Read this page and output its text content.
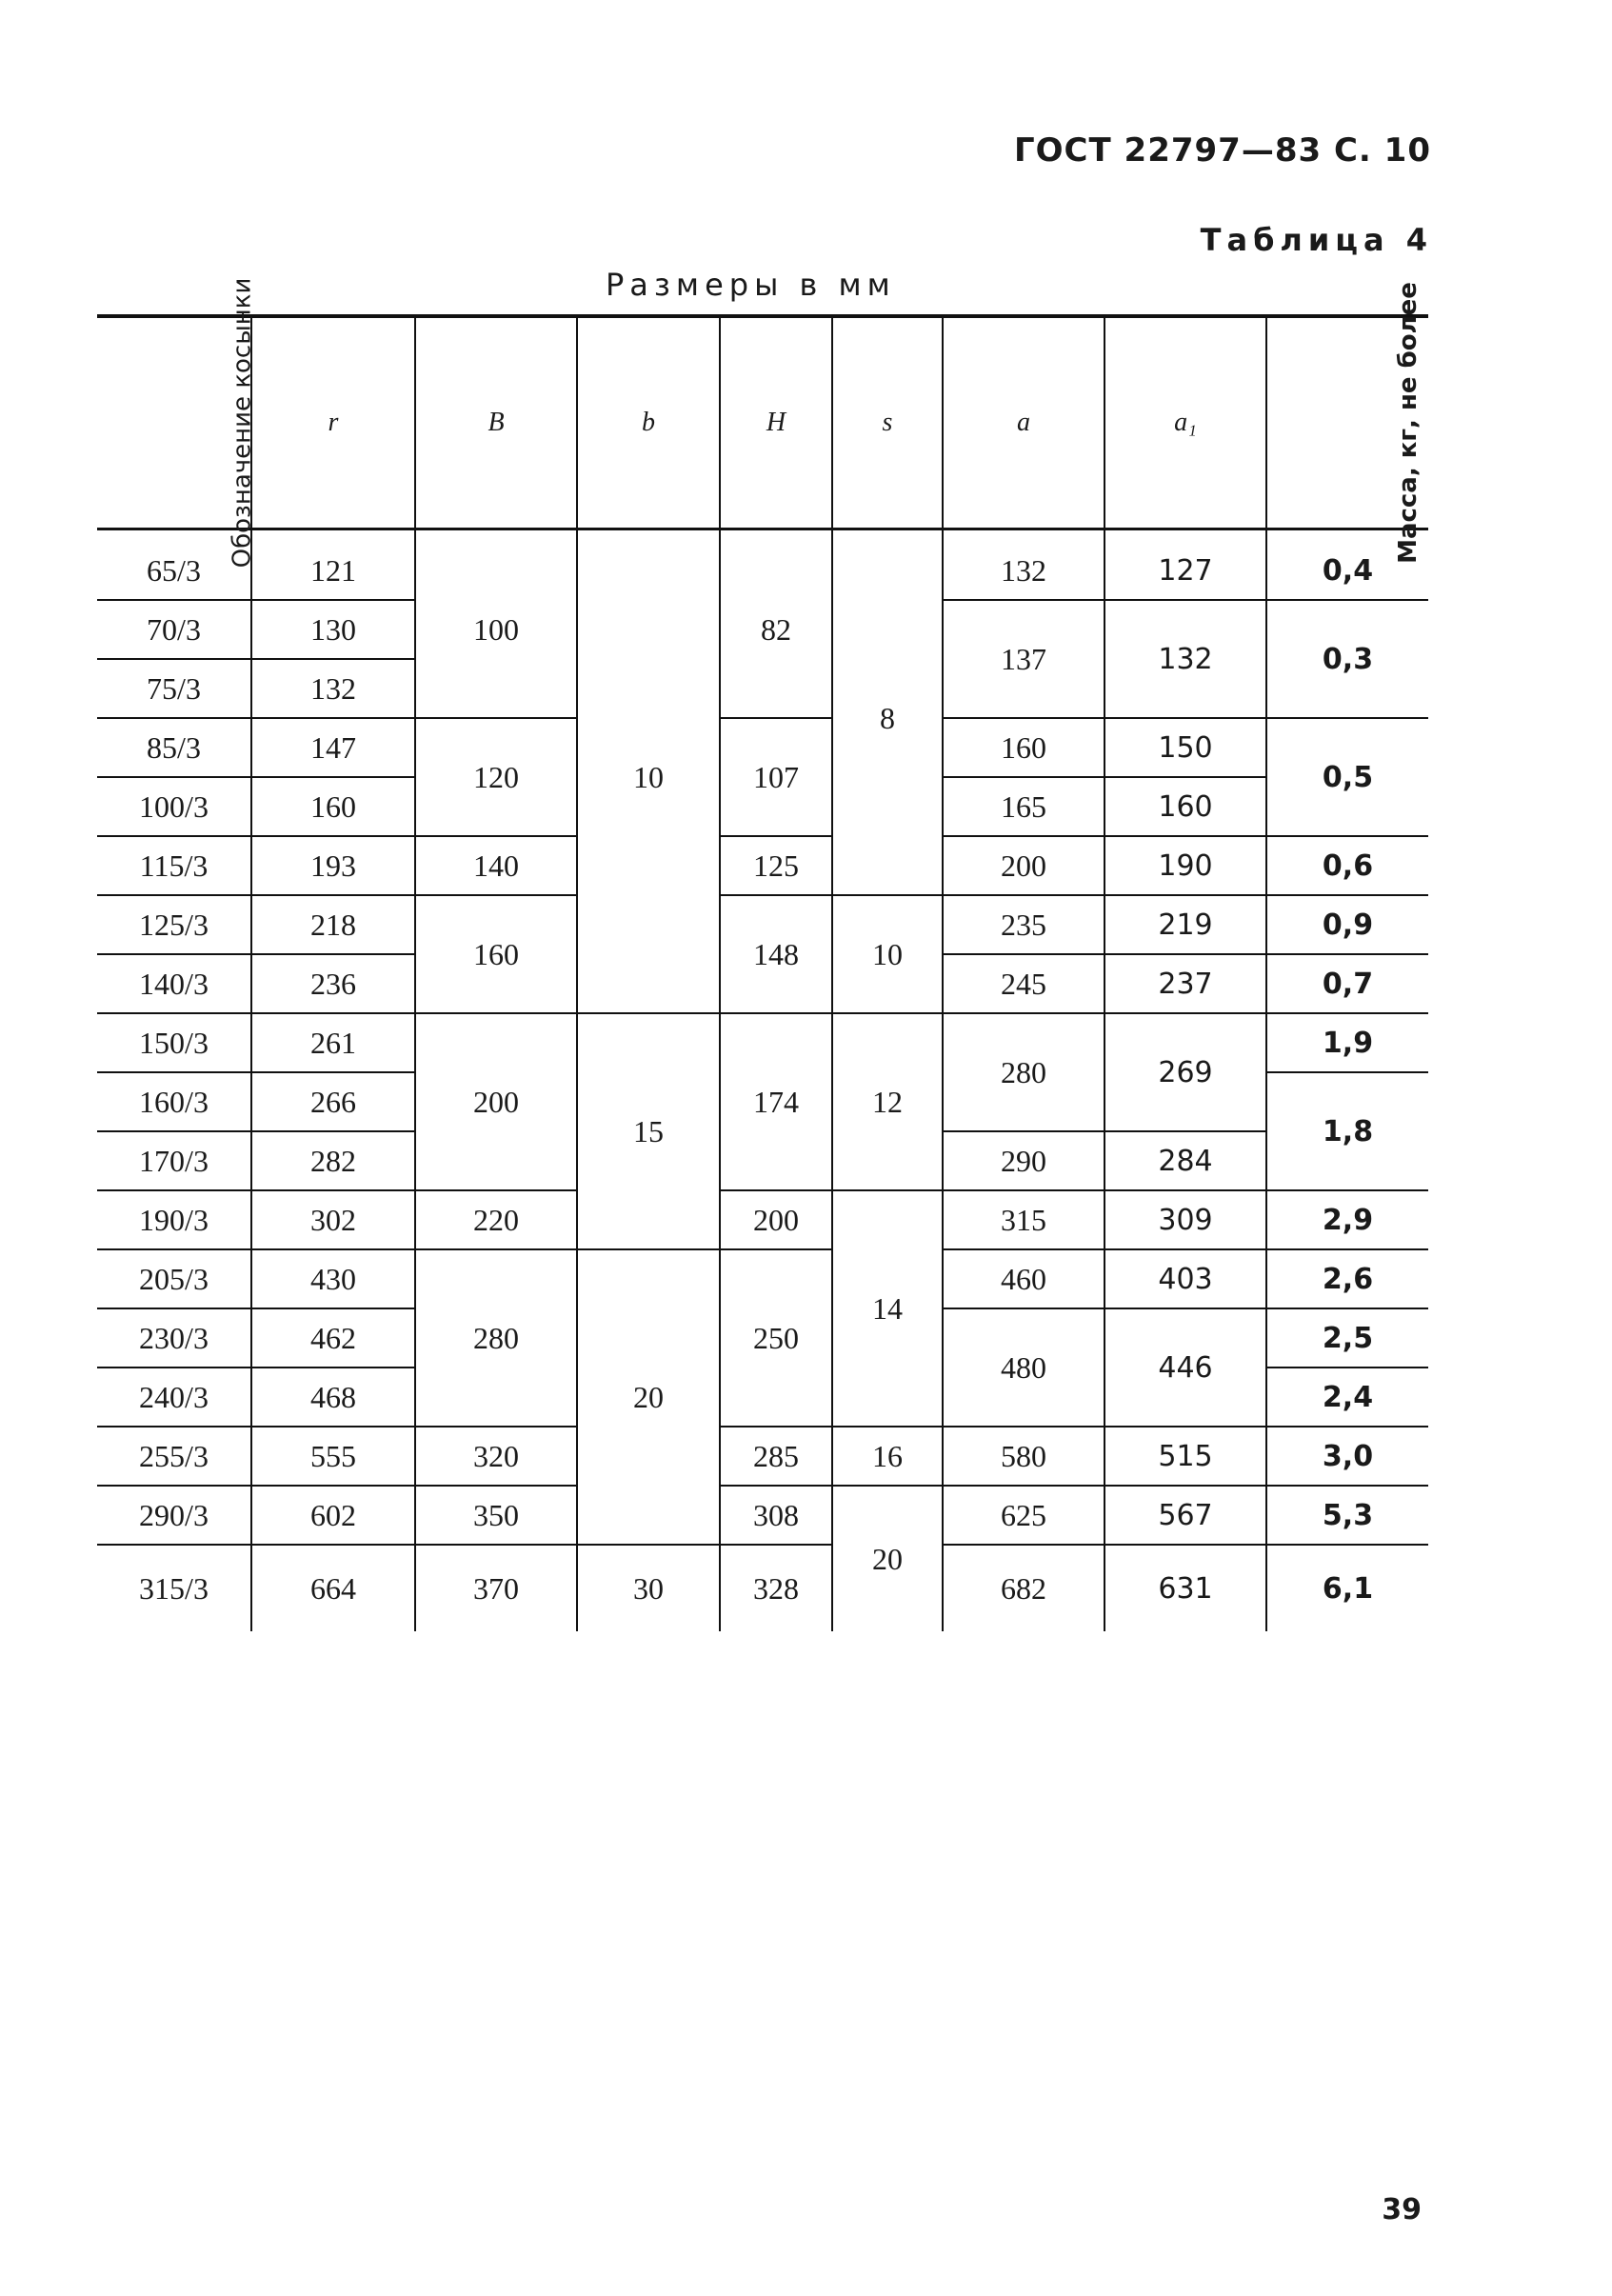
ГОСТ 22797—83 С. 10
Таблица 4
Размеры в мм
Обозначение косынки	r	B	b	H	s	a	a₁	Масса, кг, не более
65/3	121	100	10	82	8	132	127	0,4
70/3	130					137	132	0,3
75/3	132							
85/3	147	120		107		160	150	0,5
100/3	160					165	160	
115/3	193	140		125		200	190	0,6
125/3	218	160		148	10	235	219	0,9
140/3	236					245	237	0,7
150/3	261	200	15	174	12	280	269	1,9
160/3	266							1,8
170/3	282					290	284	
190/3	302	220		200	14	315	309	2,9
205/3	430	280	20	250		460	403	2,6
230/3	462					480	446	2,5
240/3	468							2,4
255/3	555	320		285	16	580	515	3,0
290/3	602	350		308	20	625	567	5,3
315/3	664	370	30	328		682	631	6,1
39
